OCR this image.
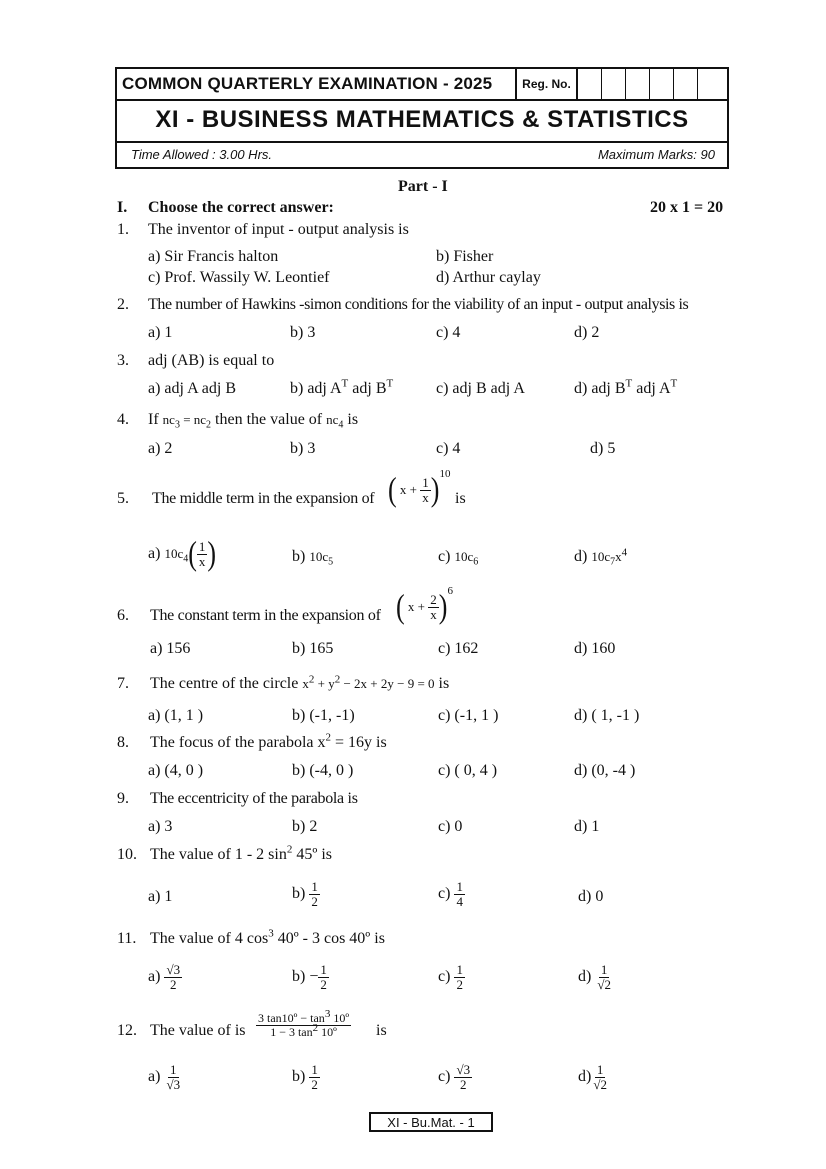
COMMON QUARTERLY EXAMINATION - 2025	Reg. No.
XI - BUSINESS MATHEMATICS & STATISTICS
Time Allowed : 3.00 Hrs.	Maximum Marks: 90
Part - I
I. Choose the correct answer:	20 x 1 = 20
1. The inventor of input - output analysis is
a) Sir Francis halton	b) Fisher
c) Prof. Wassily W. Leontief	d) Arthur caylay
2. The number of Hawkins -simon conditions for the viability of an input - output analysis is
a) 1	b) 3	c) 4	d) 2
3. adj (AB) is equal to
a) adj A adj B	b) adj $A^T$ adj $B^T$	c) adj B adj A	d) adj $B^T$ adj $A^T$
4. If $nc_3 = nc_2$ then the value of $nc_4$ is
a) 2	b) 3	c) 4	d) 5
5. The middle term in the expansion of ( $x + \frac{1}{x} )^{10}$
is
a) $10c_4( \frac{1}{x}$ )	b) $10c_5$	c) $10c_6$	d) $10c_7x^4$
6. The constant term in the expansion of ( $x + \frac{2}{x} )^6$
a) 156	b) 165	c) 162	d) 160
7. The centre of the circle $x^2 + y^2 - 2x + 2y - 9 = 0$ is
a) (1, 1 )	b) (-1, -1)	c) (-1, 1 )	d) ( 1, -1 )
8. The focus of the parabola $x^2 = 16y$ is
a) (4, 0 )	b) (-4, 0 )	c) ( 0, 4 )	d) (0, -4 )
9. The eccentricity of the parabola is
a) 3	b) 2	c) 0	d) 1
10. The value of 1 - 2 $\sin^2$ 45º is
a) 1	$b) \frac{1}{2}$	$c) \frac{1}{4}$	d) 0
11. The value of 4 $\cos^3$ 40º - 3 cos 40º is
$a) \frac{√3}{2}$	$b) - \frac{1}{2}$	$c) \frac{1}{2}$	$d) \frac{1}{√2}$
12. The value of is $\frac{3 \tan 10º - \tan^3 10º}{1 - 3 \tan^2 10º}$ is
$a) \frac{1}{√3}$	$b) \frac{1}{2}$	$c) \frac{√3}{2}$	$d) \frac{1}{√2}$
XI - Bu.Mat. - 1
